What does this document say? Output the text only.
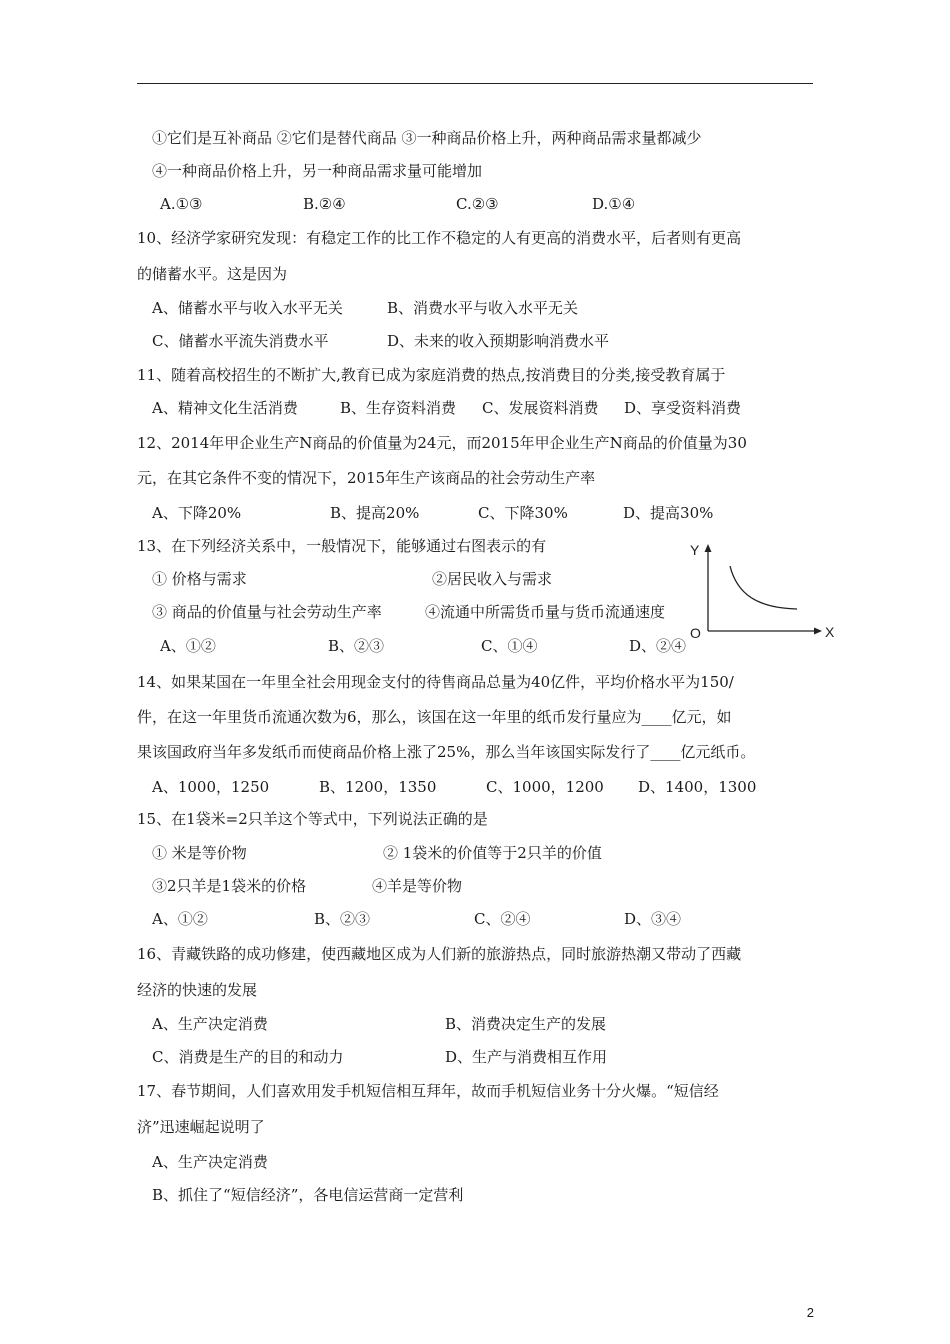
①它们是互补商品 ②它们是替代商品 ③一种商品价格上升，两种商品需求量都减少
④一种商品价格上升，另一种商品需求量可能增加
A.①③	B.②④	C.②③	D.①④
10、经济学家研究发现：有稳定工作的比工作不稳定的人有更高的消费水平，后者则有更高
的储蓄水平。这是因为
A、储蓄水平与收入水平无关	B、消费水平与收入水平无关
C、储蓄水平流失消费水平	D、未来的收入预期影响消费水平
11、随着高校招生的不断扩大,教育已成为家庭消费的热点,按消费目的分类,接受教育属于
A、精神文化生活消费	B、生存资料消费 C、发展资料消费 D、享受资料消费
12、2014年甲企业生产N商品的价值量为24元，而2015年甲企业生产N商品的价值量为30
元，在其它条件不变的情况下，2015年生产该商品的社会劳动生产率
A、下降20%	B、提高20%	C、下降30%	D、提高30%
13、在下列经济关系中，一般情况下，能够通过右图表示的有
① 价格与需求	②居民收入与需求
③ 商品的价值量与社会劳动生产率	④流通中所需货币量与货币流通速度
A、①②	B、②③	C、①④	D、②④
Y
X
O
14、如果某国在一年里全社会用现金支付的待售商品总量为40亿件，平均价格水平为150/
件，在这一年里货币流通次数为6，那么，该国在这一年里的纸币发行量应为____亿元，如
果该国政府当年多发纸币而使商品价格上涨了25%，那么当年该国实际发行了____亿元纸币。
A、1000，1250	B、1200，1350	C、1000，1200 D、1400，1300
15、在1袋米=2只羊这个等式中，下列说法正确的是
① 米是等价物	② 1袋米的价值等于2只羊的价值
③2只羊是1袋米的价格	④羊是等价物
A、①②	B、②③	C、②④	D、③④
16、青藏铁路的成功修建，使西藏地区成为人们新的旅游热点，同时旅游热潮又带动了西藏
经济的快速的发展
A、生产决定消费	B、消费决定生产的发展
C、消费是生产的目的和动力	D、生产与消费相互作用
17、春节期间，人们喜欢用发手机短信相互拜年，故而手机短信业务十分火爆。“短信经
济”迅速崛起说明了
A、生产决定消费
B、抓住了“短信经济”，各电信运营商一定营利
2
